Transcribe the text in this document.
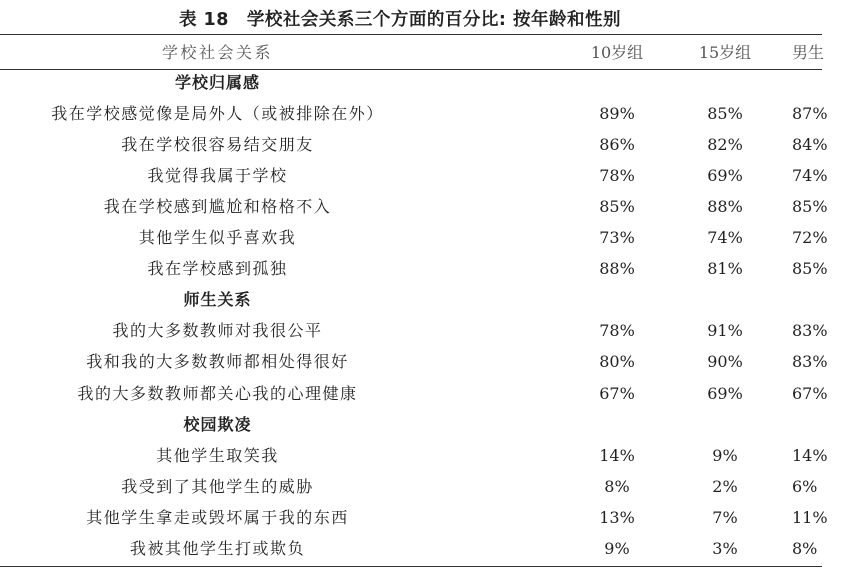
表 18　学校社会关系三个方面的百分比: 按年龄和性别
学校社会关系	10岁组	15岁组	男生
学校归属感
我在学校感觉像是局外人（或被排除在外）	89%	85%	87%
我在学校很容易结交朋友	86%	82%	84%
我觉得我属于学校	78%	69%	74%
我在学校感到尴尬和格格不入	85%	88%	85%
其他学生似乎喜欢我	73%	74%	72%
我在学校感到孤独	88%	81%	85%
师生关系
我的大多数教师对我很公平	78%	91%	83%
我和我的大多数教师都相处得很好	80%	90%	83%
我的大多数教师都关心我的心理健康	67%	69%	67%
校园欺凌
其他学生取笑我	14%	9%	14%
我受到了其他学生的威胁	8%	2%	6%
其他学生拿走或毁坏属于我的东西	13%	7%	11%
我被其他学生打或欺负	9%	3%	8%
